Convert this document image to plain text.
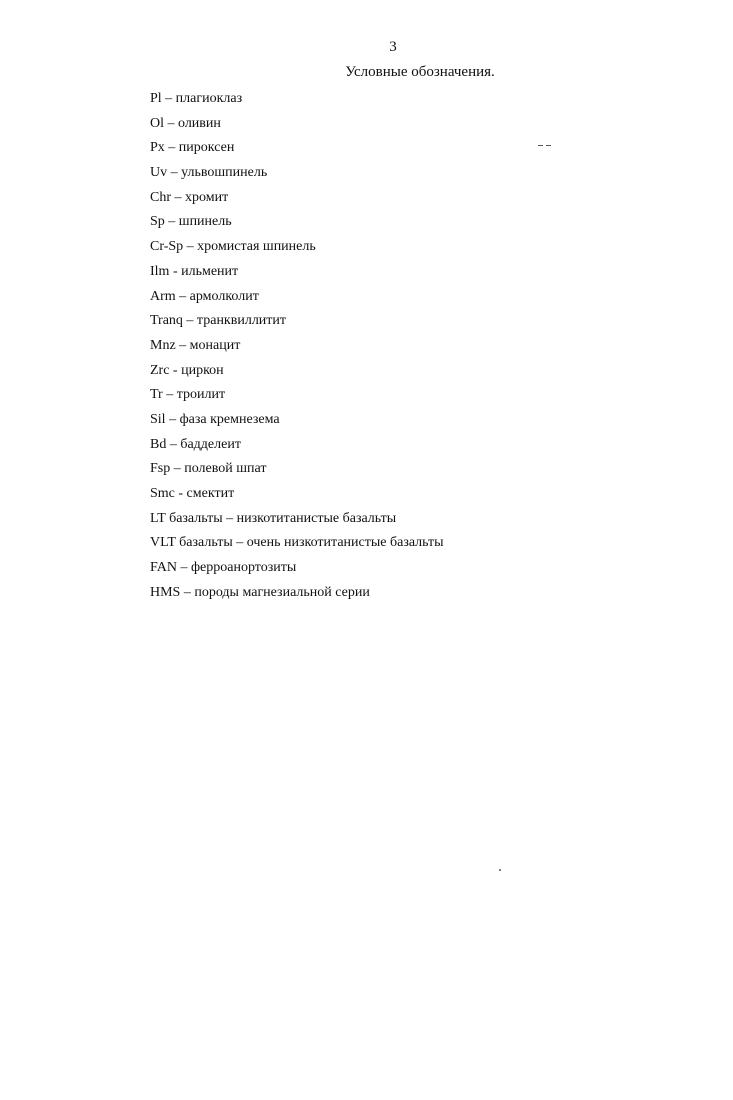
3
Условные обозначения.
Pl – плагиоклаз
Ol – оливин
Px – пироксен
Uv – ульвошпинель
Chr – хромит
Sp – шпинель
Cr-Sp – хромистая шпинель
Ilm - ильменит
Arm – армолколит
Tranq – транквиллитит
Mnz – монацит
Zrc - циркон
Tr – троилит
Sil – фаза кремнезема
Bd – бадделеит
Fsp – полевой шпат
Smc - смектит
LT базальты – низкотитанистые базальты
VLT базальты – очень низкотитанистые базальты
FAN – ферроанортозиты
HMS – породы магнезиальной серии
